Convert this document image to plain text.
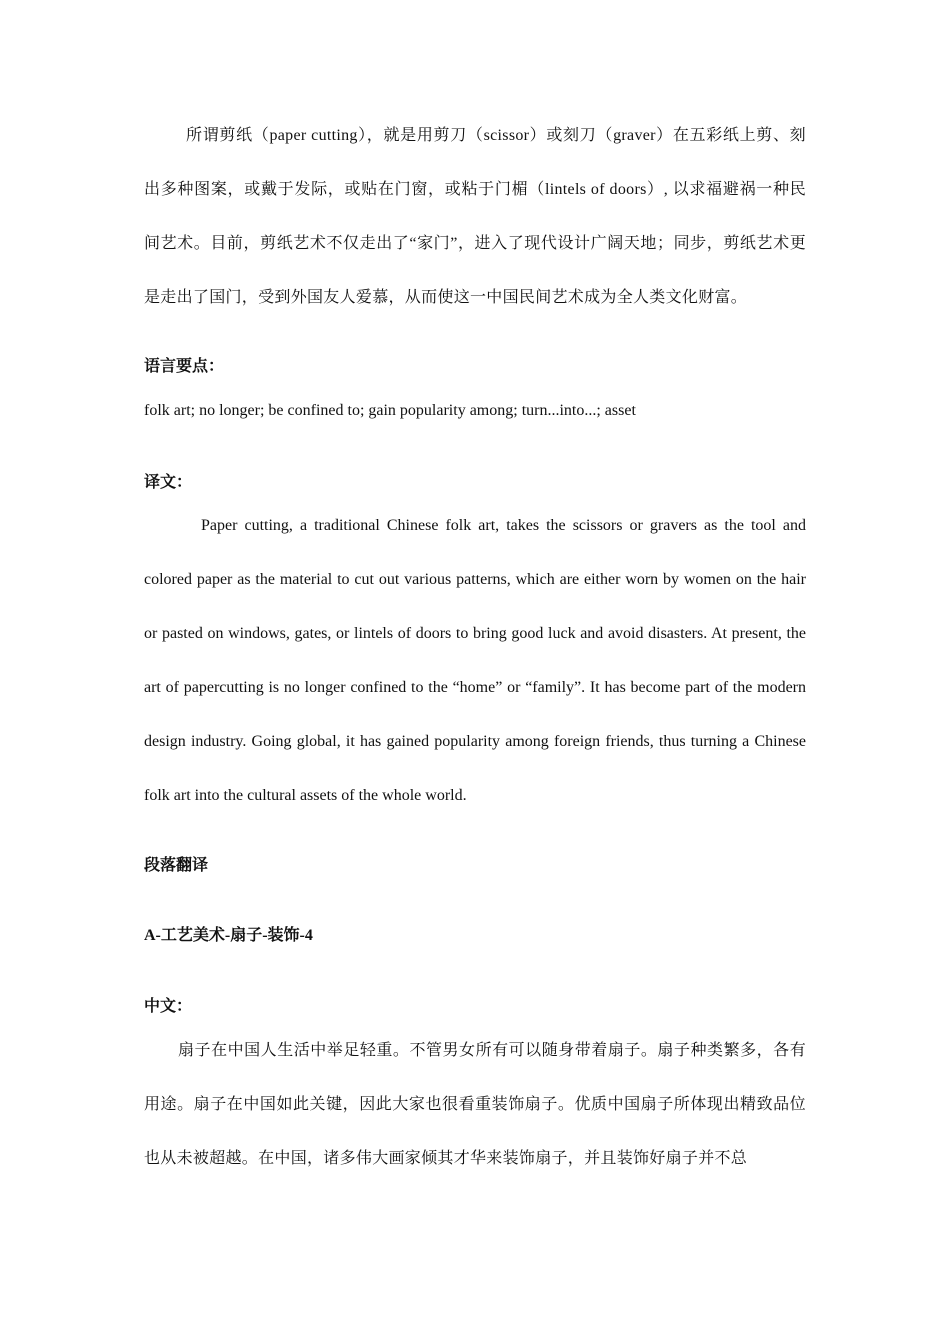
所谓剪纸（paper cutting），就是用剪刀（scissor）或刻刀（graver）在五彩纸上剪、刻出多种图案，或戴于发际，或贴在门窗，或粘于门楣（lintels of doors）, 以求福避祸一种民间艺术。目前，剪纸艺术不仅走出了“家门”，进入了现代设计广阔天地；同步，剪纸艺术更是走出了国门，受到外国友人爱慕，从而使这一中国民间艺术成为全人类文化财富。

语言要点：

folk art; no longer; be confined to; gain popularity among; turn...into...; asset

译文：

Paper cutting, a traditional Chinese folk art, takes the scissors or gravers as the tool and colored paper as the material to cut out various patterns, which are either worn by women on the hair or pasted on windows, gates, or lintels of doors to bring good luck and avoid disasters. At present, the art of papercutting is no longer confined to the “home” or “family”. It has become part of the modern design industry. Going global, it has gained popularity among foreign friends, thus turning a Chinese folk art into the cultural assets of the whole world.

段落翻译

A-工艺美术-扇子-装饰-4

中文：

扇子在中国人生活中举足轻重。不管男女所有可以随身带着扇子。扇子种类繁多，各有用途。扇子在中国如此关键，因此大家也很看重装饰扇子。优质中国扇子所体现出精致品位也从未被超越。在中国，诸多伟大画家倾其才华来装饰扇子，并且装饰好扇子并不总
